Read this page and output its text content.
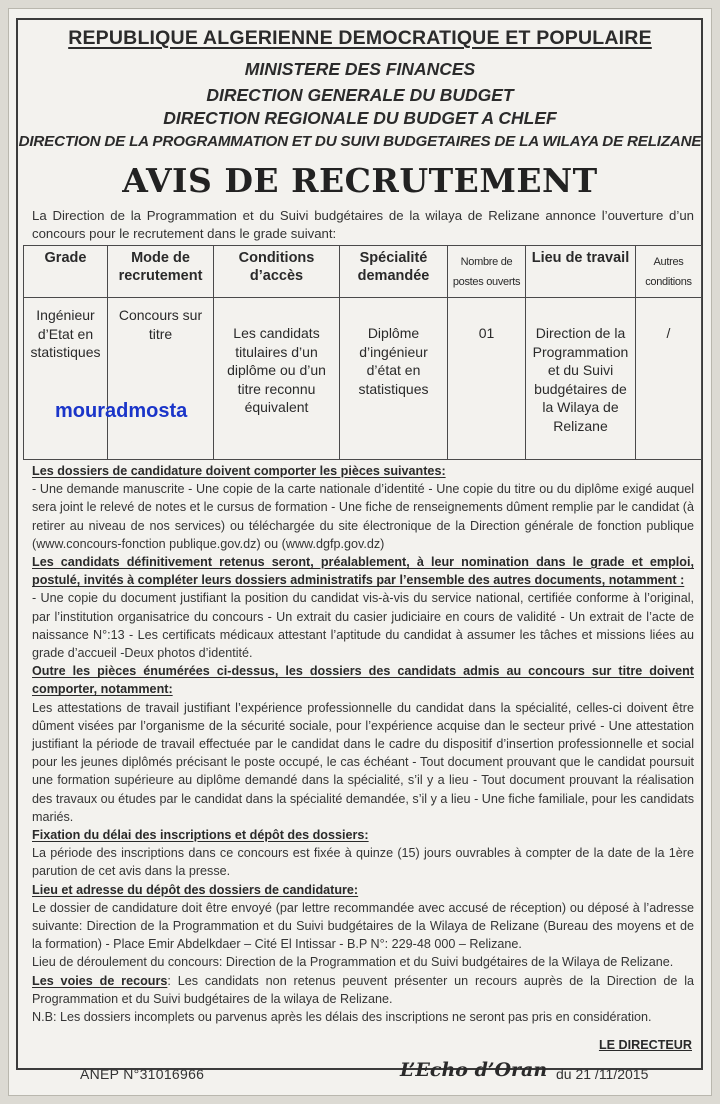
REPUBLIQUE ALGERIENNE DEMOCRATIQUE ET POPULAIRE
MINISTERE DES FINANCES
DIRECTION GENERALE DU BUDGET
DIRECTION REGIONALE DU BUDGET A CHLEF
DIRECTION DE LA PROGRAMMATION ET DU SUIVI BUDGETAIRES DE LA WILAYA DE RELIZANE
AVIS DE RECRUTEMENT
La Direction de la Programmation et du Suivi budgétaires de la wilaya de Relizane annonce l’ouverture d’un concours pour le recrutement dans le grade suivant:
Grade	Mode de recrutement	Conditions d’accès	Spécialité demandée	Nombre de postes ouverts	Lieu de travail	Autres conditions
Ingénieur d’Etat en statistiques	Concours sur titre	Les candidats titulaires d’un diplôme ou d’un titre reconnu équivalent	Diplôme d’ingénieur d’état en statistiques	01	Direction de la Programmation et du Suivi budgétaires de la Wilaya de Relizane	/
mouradmosta

Les dossiers de candidature doivent comporter les pièces suivantes:

- Une demande manuscrite - Une copie de la carte nationale d’identité - Une copie du titre ou du diplôme exigé auquel sera joint le relevé de notes et le cursus de formation - Une fiche de renseignements dûment remplie par le candidat (à retirer au niveau de nos services) ou téléchargée du site électronique de la Direction générale de fonction publique (www.concours-fonction publique.gov.dz) ou (www.dgfp.gov.dz)

Les candidats définitivement retenus seront, préalablement, à leur nomination dans le grade et emploi, postulé, invités à compléter leurs dossiers administratifs par l’ensemble des autres documents, notamment :

- Une copie du document justifiant la position du candidat vis-à-vis du service national, certifiée conforme à l’original, par l’institution organisatrice du concours - Un extrait du casier judiciaire en cours de validité - Un extrait de l’acte de naissance N°:13 - Les certificats médicaux attestant l’aptitude du candidat à assumer les tâches et missions liées au grade d’accueil -Deux photos d’identité.

Outre les pièces énumérées ci-dessus, les dossiers des candidats admis au concours sur titre doivent comporter, notamment:

Les attestations de travail justifiant l’expérience professionnelle du candidat dans la spécialité, celles-ci doivent être dûment visées par l’organisme de la sécurité sociale, pour l’expérience acquise dan le secteur privé - Une attestation justifiant la période de travail effectuée par le candidat dans le cadre du dispositif d’insertion professionnelle et social pour les jeunes diplômés précisant le poste occupé, le cas échéant - Tout document prouvant que le candidat poursuit une formation supérieure au diplôme demandé dans la spécialité, s’il y a lieu - Tout document prouvant la réalisation des travaux ou études par le candidat dans la spécialité demandée, s’il y a lieu - Une fiche familiale, pour les candidats mariés.

Fixation du délai des inscriptions et dépôt des dossiers:

La période des inscriptions dans ce concours est fixée à quinze (15) jours ouvrables à compter de la date de la 1ère parution de cet avis dans la presse.

Lieu et adresse du dépôt des dossiers de candidature:

Le dossier de candidature doit être envoyé (par lettre recommandée avec accusé de réception) ou déposé à l’adresse suivante: Direction de la Programmation et du Suivi budgétaires de la Wilaya de Relizane (Bureau des moyens et de la formation) - Place Emir Abdelkdaer – Cité El Intissar - B.P N°: 229-48 000 – Relizane.

Lieu de déroulement du concours: Direction de la Programmation et du Suivi budgétaires de la Wilaya de Relizane.

Les voies de recours: Les candidats non retenus peuvent présenter un recours auprès de la Direction de la Programmation et du Suivi budgétaires de la wilaya de Relizane.

N.B: Les dossiers incomplets ou parvenus après les délais des inscriptions ne seront pas pris en considération.

LE DIRECTEUR
ANEP N°31016966	L’Echo d’Oran du 21 /11/2015
